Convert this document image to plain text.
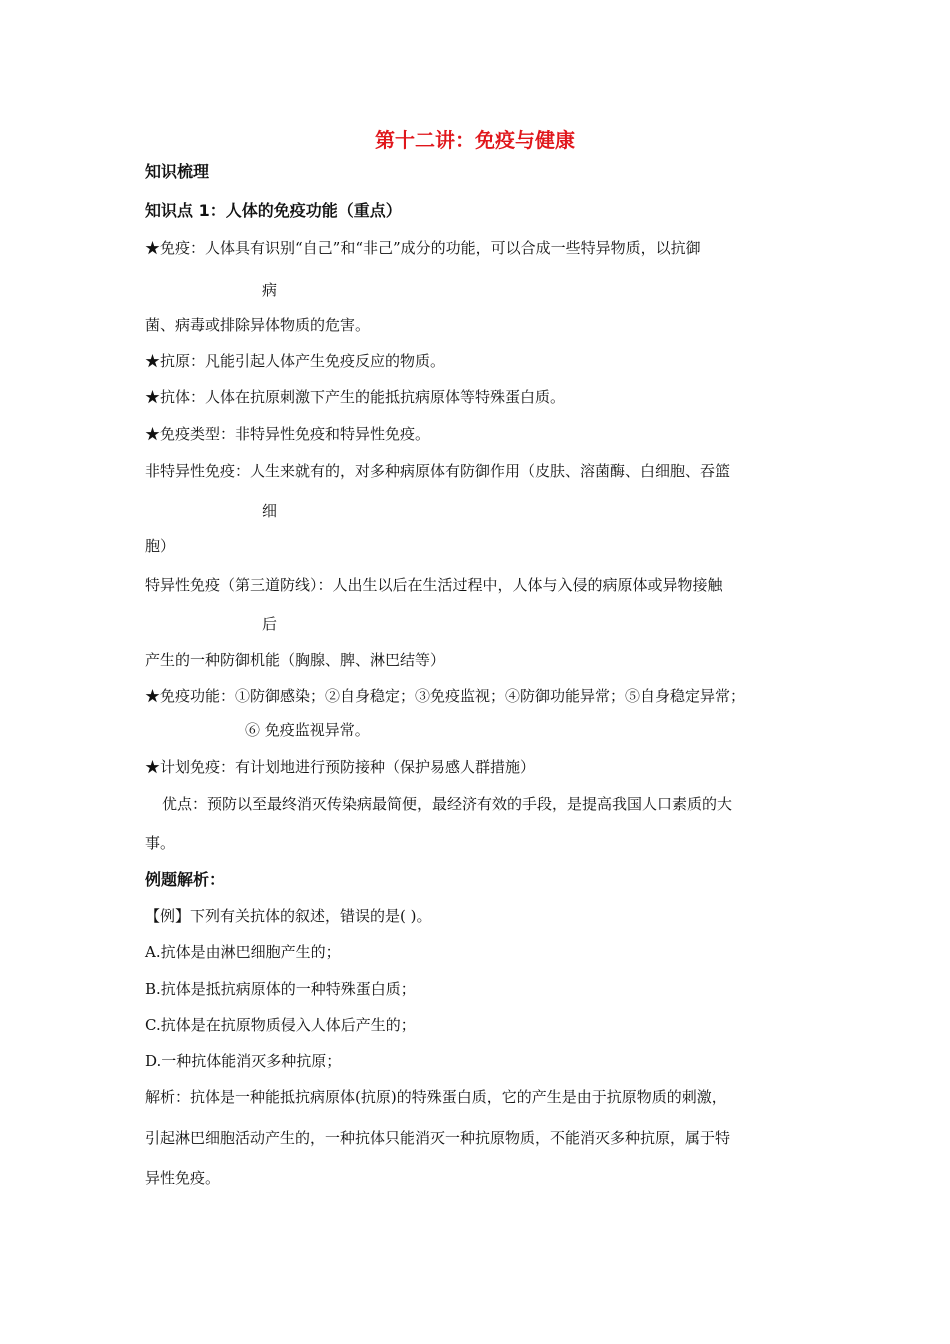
第十二讲：免疫与健康
知识梳理
知识点 1：人体的免疫功能（重点）
★免疫：人体具有识别“自己”和“非己”成分的功能，可以合成一些特异物质，以抗御
病
菌、病毒或排除异体物质的危害。
★抗原：凡能引起人体产生免疫反应的物质。
★抗体：人体在抗原刺激下产生的能抵抗病原体等特殊蛋白质。
★免疫类型：非特异性免疫和特异性免疫。
非特异性免疫：人生来就有的，对多种病原体有防御作用（皮肤、溶菌酶、白细胞、吞篮
细
胞）
特异性免疫（第三道防线）：人出生以后在生活过程中，人体与入侵的病原体或异物接触
后
产生的一种防御机能（胸腺、脾、淋巴结等）
★免疫功能：①防御感染；②自身稳定；③免疫监视；④防御功能异常；⑤自身稳定异常；
⑥ 免疫监视异常。
★计划免疫：有计划地进行预防接种（保护易感人群措施）
优点：预防以至最终消灭传染病最简便，最经济有效的手段，是提高我国人口素质的大
事。
例题解析：
【例】下列有关抗体的叙述，错误的是( )。
A.抗体是由淋巴细胞产生的；
B.抗体是抵抗病原体的一种特殊蛋白质；
C.抗体是在抗原物质侵入人体后产生的；
D.一种抗体能消灭多种抗原；
解析：抗体是一种能抵抗病原体(抗原)的特殊蛋白质，它的产生是由于抗原物质的刺激，
引起淋巴细胞活动产生的，一种抗体只能消灭一种抗原物质，不能消灭多种抗原，属于特
异性免疫。
